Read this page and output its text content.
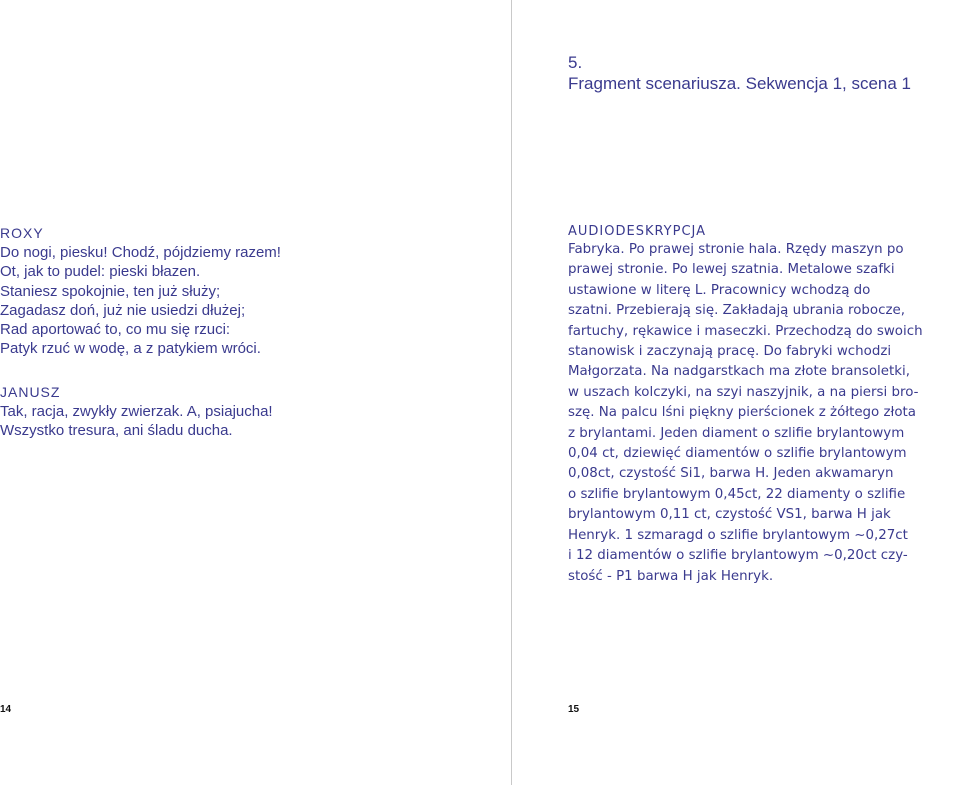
ROXY
Do nogi, piesku! Chodź, pójdziemy razem!
Ot, jak to pudel: pieski błazen.
Staniesz spokojnie, ten już służy;
Zagadasz doń, już nie usiedzi dłużej;
Rad aportować to, co mu się rzuci:
Patyk rzuć w wodę, a z patykiem wróci.
JANUSZ
Tak, racja, zwykły zwierzak. A, psiajucha!
Wszystko tresura, ani śladu ducha.
14
5.
Fragment scenariusza. Sekwencja 1, scena 1
AUDIODESKRYPCJA
Fabryka. Po prawej stronie hala. Rzędy maszyn po
prawej stronie. Po lewej szatnia. Metalowe szafki
ustawione w literę L. Pracownicy wchodzą do
szatni. Przebierają się. Zakładają ubrania robocze,
fartuchy, rękawice i maseczki. Przechodzą do swoich
stanowisk i zaczynają pracę. Do fabryki wchodzi
Małgorzata. Na nadgarstkach ma złote bransoletki,
w uszach kolczyki, na szyi naszyjnik, a na piersi bro-
szę. Na palcu lśni piękny pierścionek z żółtego złota
z brylantami. Jeden diament o szlifie brylantowym
0,04 ct, dziewięć diamentów o szlifie brylantowym
0,08ct, czystość Si1, barwa H. Jeden akwamaryn
o szlifie brylantowym 0,45ct, 22 diamenty o szlifie
brylantowym 0,11 ct, czystość VS1, barwa H jak
Henryk. 1 szmaragd o szlifie brylantowym ~0,27ct
i 12 diamentów o szlifie brylantowym ~0,20ct czy-
stość - P1 barwa H jak Henryk.
15
